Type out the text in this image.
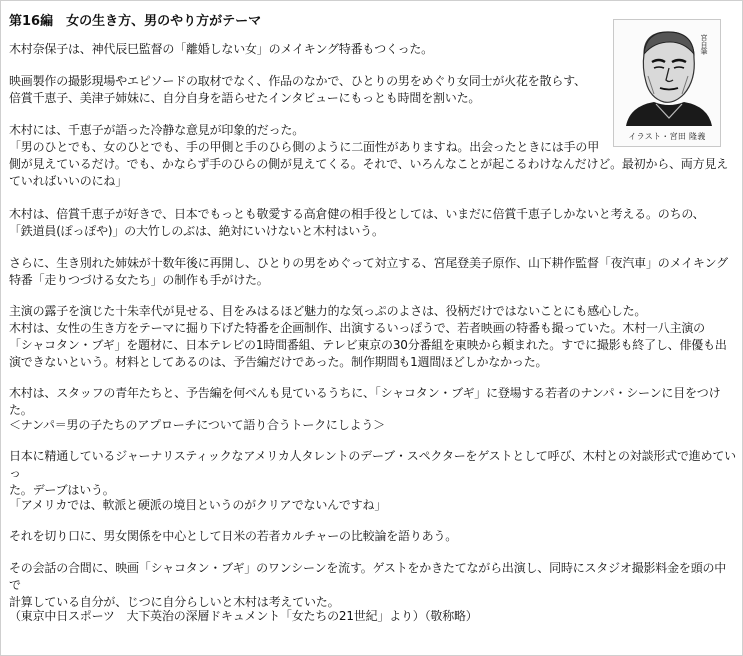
第16編　女の生き方、男のやり方がテーマ
宮自筆
イラスト・宮田 隆義
木村奈保子は、神代辰巳監督の「離婚しない女」のメイキング特番もつくった。
映画製作の撮影現場やエピソードの取材でなく、作品のなかで、ひとりの男をめぐり女同士が火花を散らす、
倍賞千恵子、美津子姉妹に、自分自身を語らせたインタビューにもっとも時間を割いた。
木村には、千恵子が語った冷静な意見が印象的だった。
「男のひとでも、女のひとでも、手の甲側と手のひら側のように二面性がありますね。出会ったときには手の甲
側が見えているだけ。でも、かならず手のひらの側が見えてくる。それで、いろんなことが起こるわけなんだけど。最初から、両方見え
ていればいいのにね」
木村は、倍賞千恵子が好きで、日本でもっとも敬愛する高倉健の相手役としては、いまだに倍賞千恵子しかないと考える。のちの、
「鉄道員(ぽっぽや)」の大竹しのぶは、絶対にいけないと木村はいう。
さらに、生き別れた姉妹が十数年後に再開し、ひとりの男をめぐって対立する、宮尾登美子原作、山下耕作監督「夜汽車」のメイキング
特番「走りつづける女たち」の制作も手がけた。
主演の露子を演じた十朱幸代が見せる、目をみはるほど魅力的な気っぷのよさは、役柄だけではないことにも感心した。
木村は、女性の生き方をテーマに掘り下げた特番を企画制作、出演するいっぽうで、若者映画の特番も撮っていた。木村一八主演の
「シャコタン・ブギ」を題材に、日本テレビの1時間番組、テレビ東京の30分番組を東映から頼まれた。すでに撮影も終了し、俳優も出
演できないという。材料としてあるのは、予告編だけであった。制作期間も1週間ほどしかなかった。
木村は、スタッフの青年たちと、予告編を何べんも見ているうちに、「シャコタン・ブギ」に登場する若者のナンパ・シーンに目をつけた。
＜ナンパ＝男の子たちのアプローチについて語り合うトークにしよう＞
日本に精通しているジャーナリスティックなアメリカ人タレントのデーブ・スペクターをゲストとして呼び、木村との対談形式で進めていっ
た。デーブはいう。
「アメリカでは、軟派と硬派の境目というのがクリアでないんですね」
それを切り口に、男女関係を中心として日米の若者カルチャーの比較論を語りあう。
その会話の合間に、映画「シャコタン・ブギ」のワンシーンを流す。ゲストをかきたてながら出演し、同時にスタジオ撮影料金を頭の中で
計算している自分が、じつに自分らしいと木村は考えていた。
（東京中日スポーツ　大下英治の深層ドキュメント「女たちの21世紀」より）（敬称略）
